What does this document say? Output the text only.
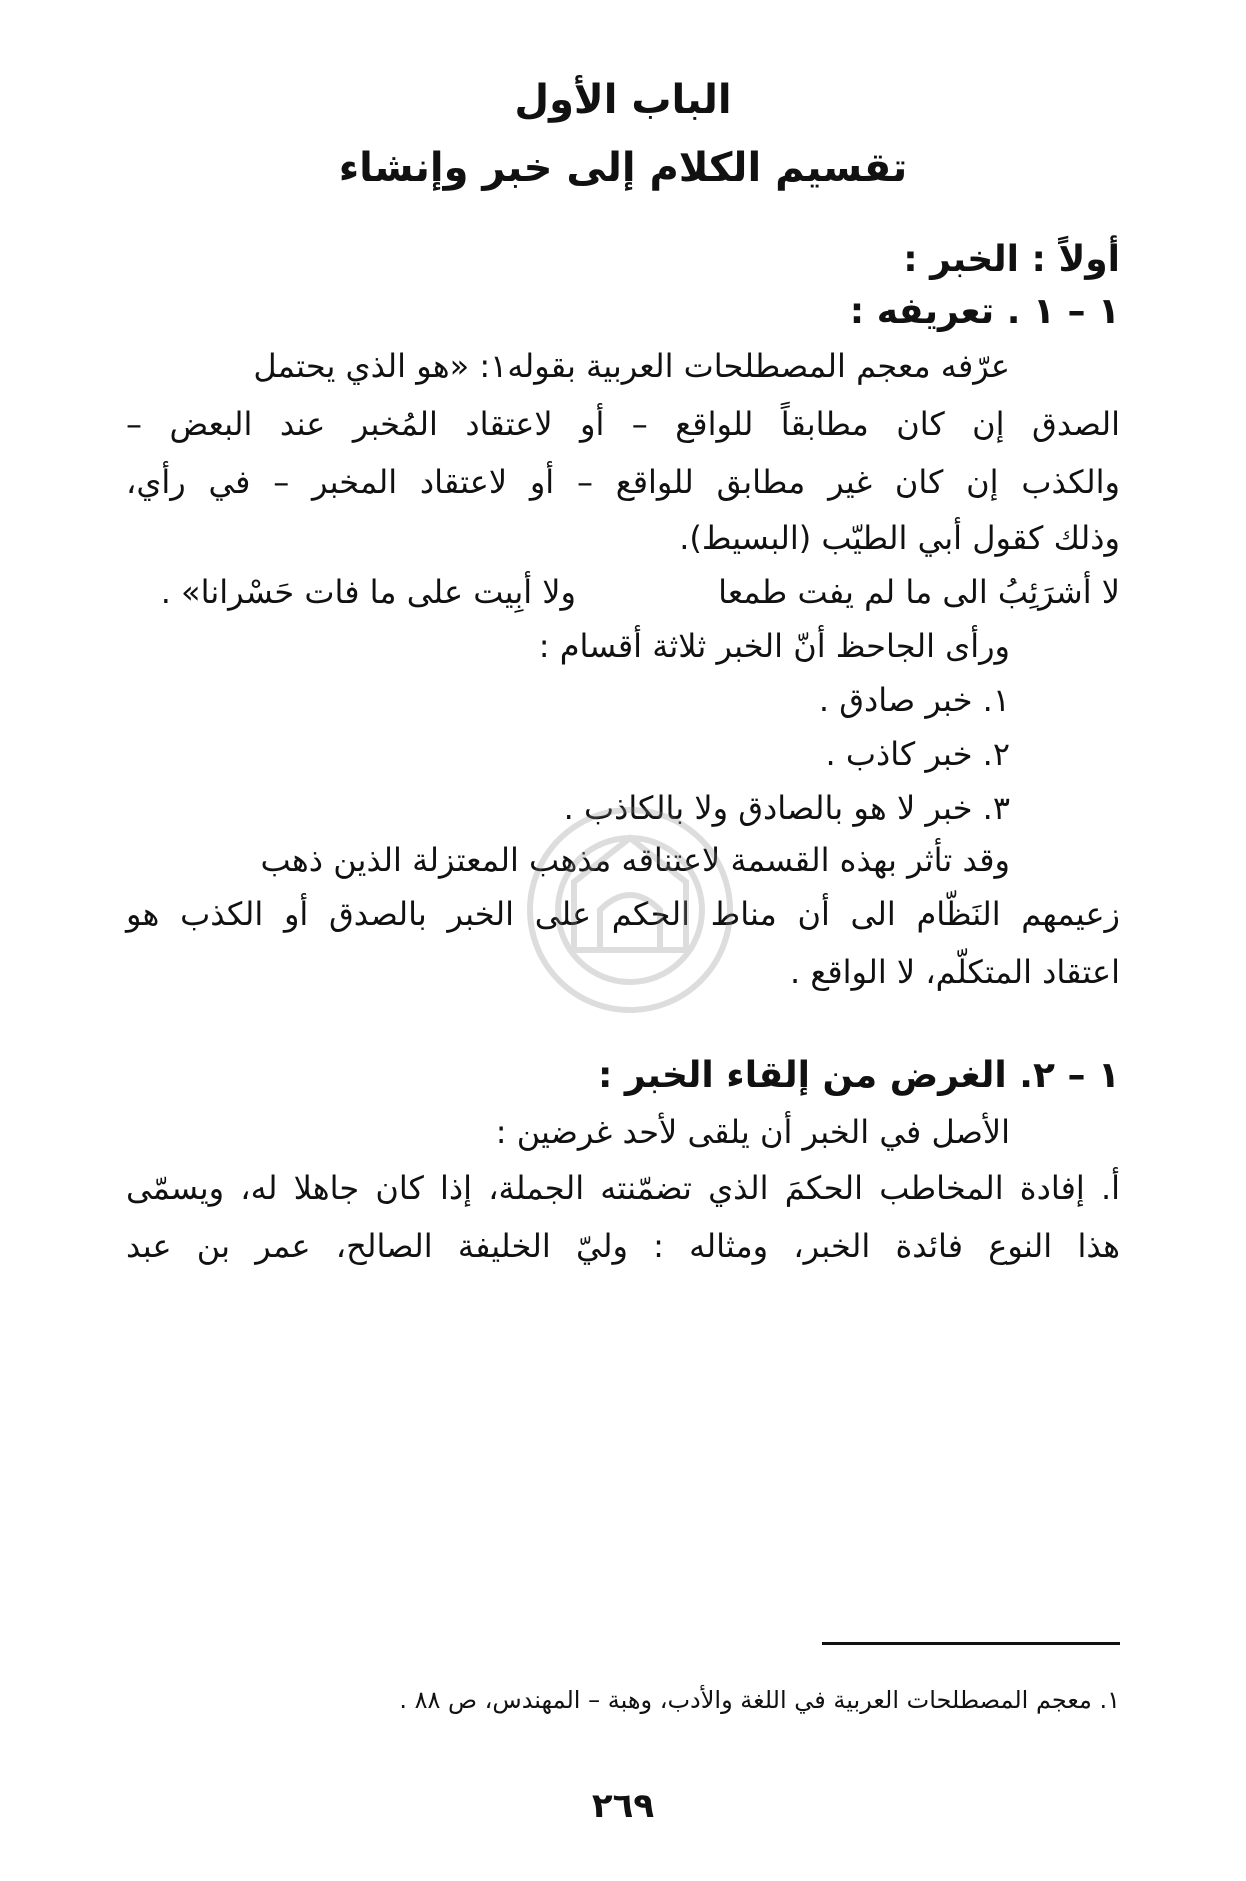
الباب الأول
تقسيم الكلام إلى خبر وإنشاء
أولاً : الخبر :
١ – ١ . تعريفه :
عرّفه معجم المصطلحات العربية بقوله١: «هو الذي يحتمل
الصدق إن كان مطابقاً للواقع – أو لاعتقاد المُخبر عند البعض –
والكذب إن كان غير مطابق للواقع – أو لاعتقاد المخبر – في رأي،
وذلك كقول أبي الطيّب (البسيط).
لا أشرَئِبُ الى ما لم يفت طمعا
ولا أبِيت على ما فات حَسْرانا» .
ورأى الجاحظ أنّ الخبر ثلاثة أقسام :
١. خبر صادق .
٢. خبر كاذب .
٣. خبر لا هو بالصادق ولا بالكاذب .
وقد تأثر بهذه القسمة لاعتناقه مذهب المعتزلة الذين ذهب
زعيمهم النَظّام الى أن مناط الحكم على الخبر بالصدق أو الكذب هو
اعتقاد المتكلّم، لا الواقع .
١ – ٢. الغرض من إلقاء الخبر :
الأصل في الخبر أن يلقى لأحد غرضين :
أ. إفادة المخاطب الحكمَ الذي تضمّنته الجملة، إذا كان جاهلا له، ويسمّى
هذا النوع فائدة الخبر، ومثاله : وليّ الخليفة الصالح، عمر بن عبد
١. معجم المصطلحات العربية في اللغة والأدب، وهبة – المهندس، ص ٨٨ .
٢٦٩
